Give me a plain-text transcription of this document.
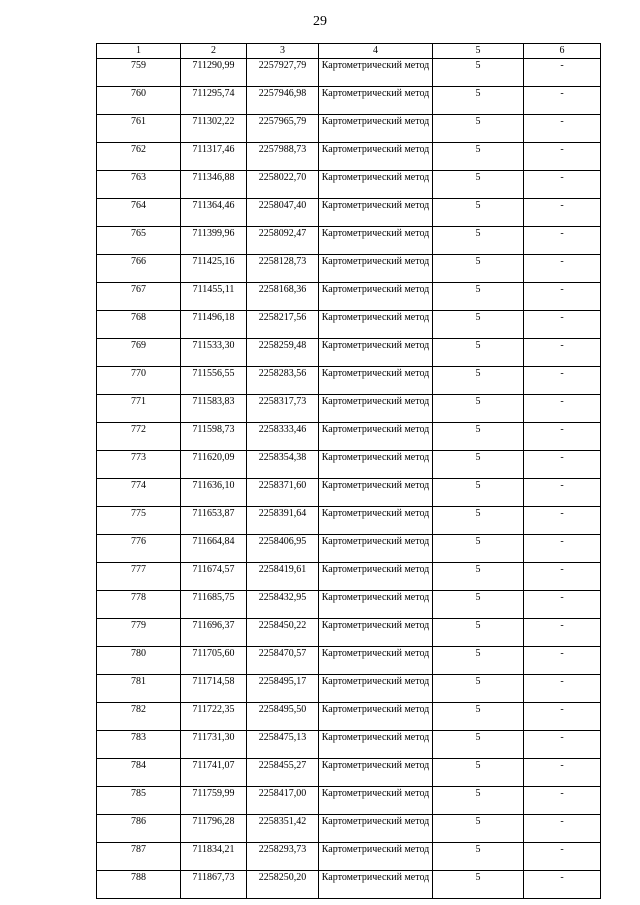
29
1	2	3	4	5	6
759	711290,99	2257927,79	Картометрический метод	5	-
760	711295,74	2257946,98	Картометрический метод	5	-
761	711302,22	2257965,79	Картометрический метод	5	-
762	711317,46	2257988,73	Картометрический метод	5	-
763	711346,88	2258022,70	Картометрический метод	5	-
764	711364,46	2258047,40	Картометрический метод	5	-
765	711399,96	2258092,47	Картометрический метод	5	-
766	711425,16	2258128,73	Картометрический метод	5	-
767	711455,11	2258168,36	Картометрический метод	5	-
768	711496,18	2258217,56	Картометрический метод	5	-
769	711533,30	2258259,48	Картометрический метод	5	-
770	711556,55	2258283,56	Картометрический метод	5	-
771	711583,83	2258317,73	Картометрический метод	5	-
772	711598,73	2258333,46	Картометрический метод	5	-
773	711620,09	2258354,38	Картометрический метод	5	-
774	711636,10	2258371,60	Картометрический метод	5	-
775	711653,87	2258391,64	Картометрический метод	5	-
776	711664,84	2258406,95	Картометрический метод	5	-
777	711674,57	2258419,61	Картометрический метод	5	-
778	711685,75	2258432,95	Картометрический метод	5	-
779	711696,37	2258450,22	Картометрический метод	5	-
780	711705,60	2258470,57	Картометрический метод	5	-
781	711714,58	2258495,17	Картометрический метод	5	-
782	711722,35	2258495,50	Картометрический метод	5	-
783	711731,30	2258475,13	Картометрический метод	5	-
784	711741,07	2258455,27	Картометрический метод	5	-
785	711759,99	2258417,00	Картометрический метод	5	-
786	711796,28	2258351,42	Картометрический метод	5	-
787	711834,21	2258293,73	Картометрический метод	5	-
788	711867,73	2258250,20	Картометрический метод	5	-
